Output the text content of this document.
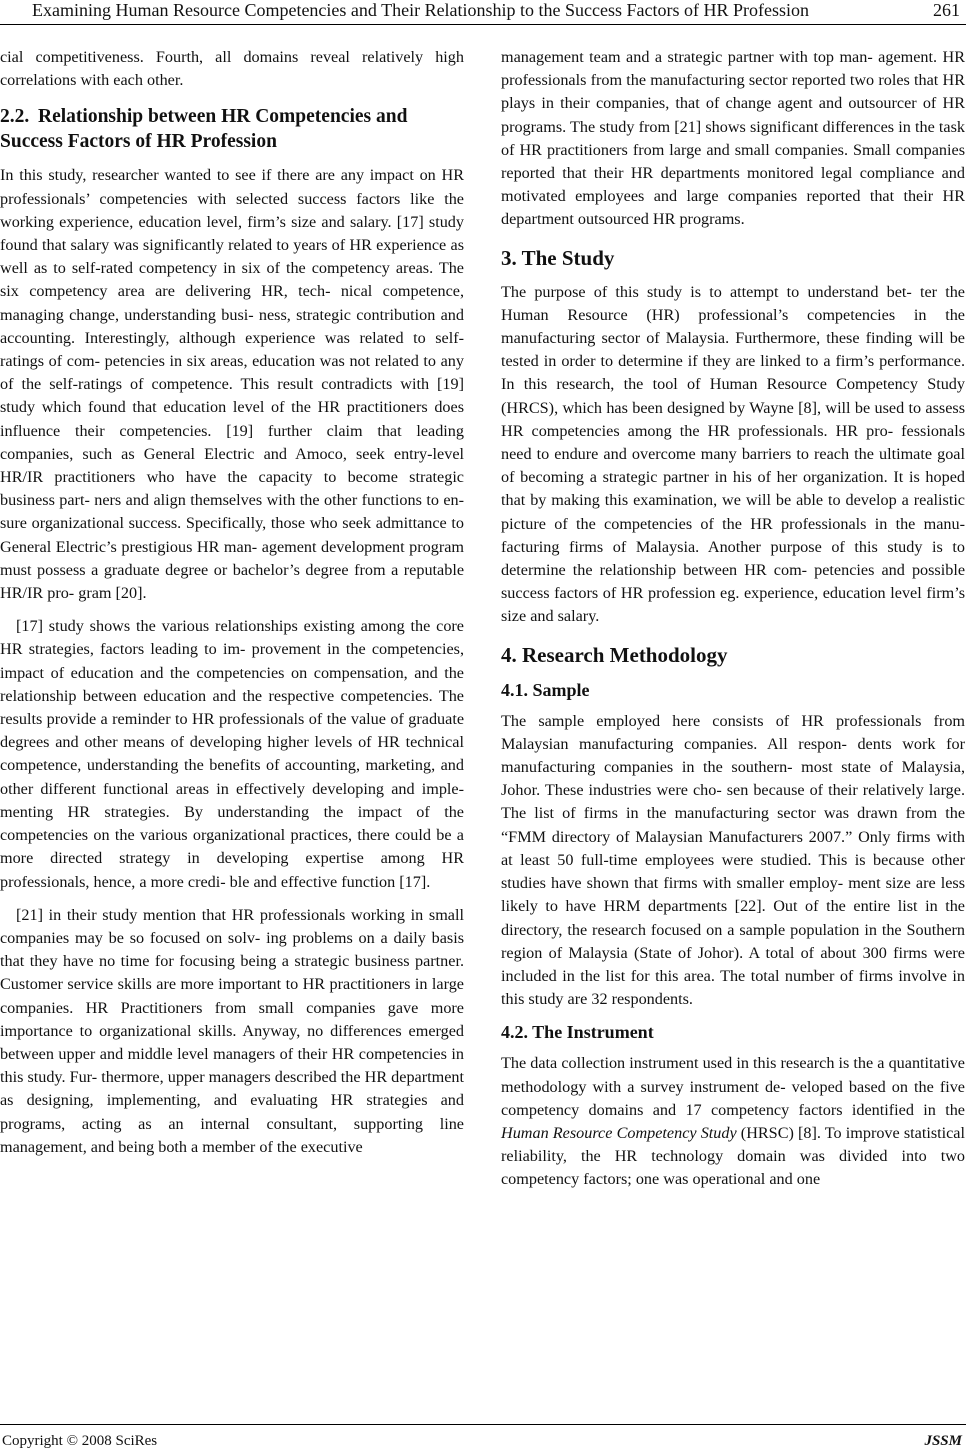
Examining Human Resource Competencies and Their Relationship to the Success Factors of HR Profession	261

cial competitiveness. Fourth, all domains reveal relatively high correlations with each other.

2.2. Relationship between HR Competencies and Success Factors of HR Profession

In this study, researcher wanted to see if there are any impact on HR professionals’ competencies with selected success factors like the working experience, education level, firm’s size and salary. [17] study found that salary was significantly related to years of HR experience as well as to self-rated competency in six of the competency areas. The six competency area are delivering HR, tech- nical competence, managing change, understanding busi- ness, strategic contribution and accounting. Interestingly, although experience was related to self-ratings of com- petencies in six areas, education was not related to any of the self-ratings of competence. This result contradicts with [19] study which found that education level of the HR practitioners does influence their competencies. [19] further claim that leading companies, such as General Electric and Amoco, seek entry-level HR/IR practitioners who have the capacity to become strategic business part- ners and align themselves with the other functions to en- sure organizational success. Specifically, those who seek admittance to General Electric’s prestigious HR man- agement development program must possess a graduate degree or bachelor’s degree from a reputable HR/IR pro- gram [20].

[17] study shows the various relationships existing among the core HR strategies, factors leading to im- provement in the competencies, impact of education and the competencies on compensation, and the relationship between education and the respective competencies. The results provide a reminder to HR professionals of the value of graduate degrees and other means of developing higher levels of HR technical competence, understanding the benefits of accounting, marketing, and other different functional areas in effectively developing and imple- menting HR strategies. By understanding the impact of the competencies on the various organizational practices, there could be a more directed strategy in developing expertise among HR professionals, hence, a more credi- ble and effective function [17].

[21] in their study mention that HR professionals working in small companies may be so focused on solv- ing problems on a daily basis that they have no time for focusing being a strategic business partner. Customer service skills are more important to HR practitioners in large companies. HR Practitioners from small companies gave more importance to organizational skills. Anyway, no differences emerged between upper and middle level managers of their HR competencies in this study. Fur- thermore, upper managers described the HR department as designing, implementing, and evaluating HR strategies and programs, acting as an internal consultant, supporting line management, and being both a member of the executive

management team and a strategic partner with top man- agement. HR professionals from the manufacturing sector reported two roles that HR plays in their companies, that of change agent and outsourcer of HR programs. The study from [21] shows significant differences in the task of HR practitioners from large and small companies. Small companies reported that their HR departments monitored legal compliance and motivated employees and large companies reported that their HR department outsourced HR programs.

3. The Study

The purpose of this study is to attempt to understand bet- ter the Human Resource (HR) professional’s competencies in the manufacturing sector of Malaysia. Furthermore, these finding will be tested in order to determine if they are linked to a firm’s performance. In this research, the tool of Human Resource Competency Study (HRCS), which has been designed by Wayne [8], will be used to assess HR competencies among the HR professionals. HR pro- fessionals need to endure and overcome many barriers to reach the ultimate goal of becoming a strategic partner in his of her organization. It is hoped that by making this examination, we will be able to develop a realistic picture of the competencies of the HR professionals in the manu- facturing firms of Malaysia. Another purpose of this study is to determine the relationship between HR com- petencies and possible success factors of HR profession eg. experience, education level firm’s size and salary.

4. Research Methodology
4.1. Sample

The sample employed here consists of HR professionals from Malaysian manufacturing companies. All respon- dents work for manufacturing companies in the southern- most state of Malaysia, Johor. These industries were cho- sen because of their relatively large. The list of firms in the manufacturing sector was drawn from the “FMM directory of Malaysian Manufacturers 2007.” Only firms with at least 50 full-time employees were studied. This is because other studies have shown that firms with smaller employ- ment size are less likely to have HRM departments [22]. Out of the entire list in the directory, the research focused on a sample population in the Southern region of Malaysia (State of Johor). A total of about 300 firms were included in the list for this area. The total number of firms involve in this study are 32 respondents.

4.2. The Instrument

The data collection instrument used in this research is the a quantitative methodology with a survey instrument de- veloped based on the five competency domains and 17 competency factors identified in the Human Resource Competency Study (HRSC) [8]. To improve statistical reliability, the HR technology domain was divided into two competency factors; one was operational and one

Copyright © 2008 SciRes	JSSM
